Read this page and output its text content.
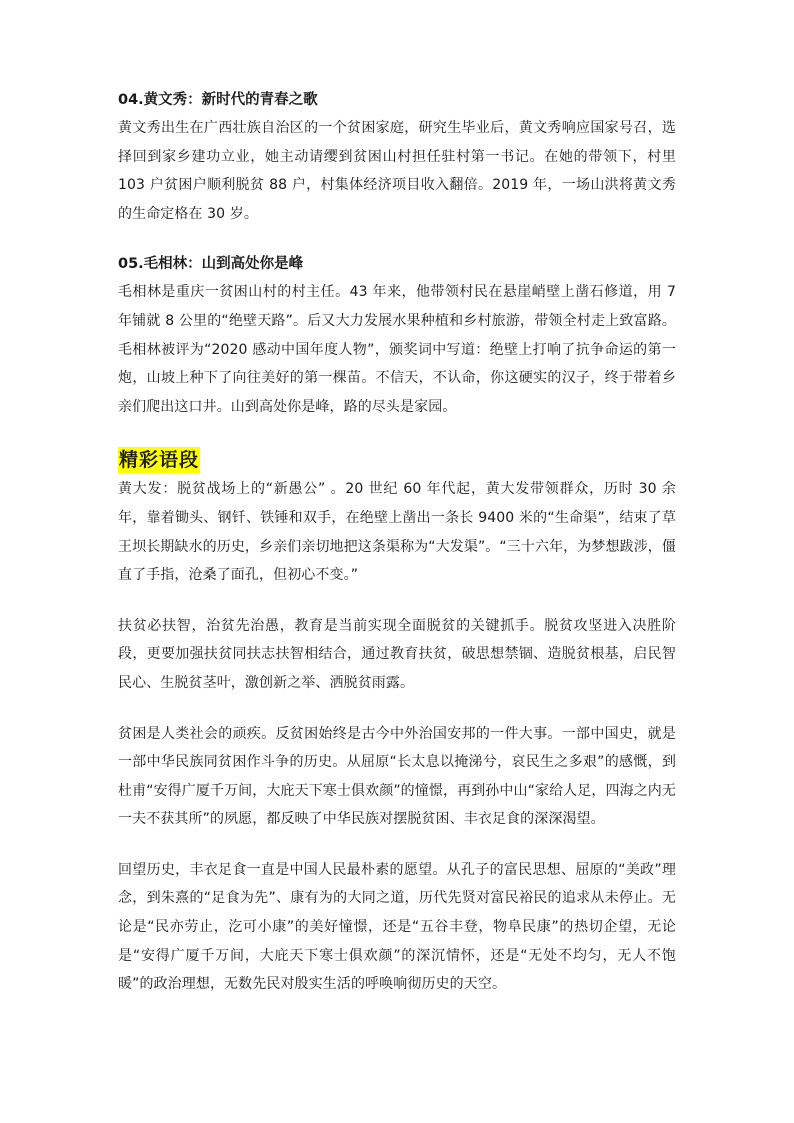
04.黄文秀：新时代的青春之歌

黄文秀出生在广西壮族自治区的一个贫困家庭，研究生毕业后，黄文秀响应国家号召，选择回到家乡建功立业，她主动请缨到贫困山村担任驻村第一书记。在她的带领下，村里 103 户贫困户顺利脱贫 88 户，村集体经济项目收入翻倍。2019 年，一场山洪将黄文秀的生命定格在 30 岁。

05.毛相林：山到高处你是峰

毛相林是重庆一贫困山村的村主任。43 年来，他带领村民在悬崖峭壁上凿石修道，用 7 年铺就 8 公里的“绝壁天路”。后又大力发展水果种植和乡村旅游，带领全村走上致富路。毛相林被评为“2020 感动中国年度人物”，颁奖词中写道：绝壁上打响了抗争命运的第一炮，山坡上种下了向往美好的第一棵苗。不信天，不认命，你这硬实的汉子，终于带着乡亲们爬出这口井。山到高处你是峰，路的尽头是家园。

精彩语段

黄大发：脱贫战场上的“新愚公” 。20 世纪 60 年代起，黄大发带领群众，历时 30 余年，靠着锄头、钢钎、铁锤和双手，在绝壁上凿出一条长 9400 米的“生命渠”，结束了草王坝长期缺水的历史，乡亲们亲切地把这条渠称为“大发渠”。“三十六年，为梦想跋涉，僵直了手指，沧桑了面孔，但初心不变。”

扶贫必扶智，治贫先治愚，教育是当前实现全面脱贫的关键抓手。脱贫攻坚进入决胜阶段，更要加强扶贫同扶志扶智相结合，通过教育扶贫，破思想禁锢、造脱贫根基，启民智民心、生脱贫茎叶，激创新之举、洒脱贫雨露。

贫困是人类社会的顽疾。反贫困始终是古今中外治国安邦的一件大事。一部中国史，就是一部中华民族同贫困作斗争的历史。从屈原“长太息以掩涕兮，哀民生之多艰”的感慨，到杜甫“安得广厦千万间，大庇天下寒士俱欢颜”的憧憬，再到孙中山“家给人足，四海之内无一夫不获其所”的夙愿，都反映了中华民族对摆脱贫困、丰衣足食的深深渴望。

回望历史，丰衣足食一直是中国人民最朴素的愿望。从孔子的富民思想、屈原的“美政”理念，到朱熹的“足食为先”、康有为的大同之道，历代先贤对富民裕民的追求从未停止。无论是“民亦劳止，汔可小康”的美好憧憬，还是“五谷丰登，物阜民康”的热切企望，无论是“安得广厦千万间，大庇天下寒士俱欢颜”的深沉情怀，还是“无处不均匀，无人不饱暖”的政治理想，无数先民对殷实生活的呼唤响彻历史的天空。
